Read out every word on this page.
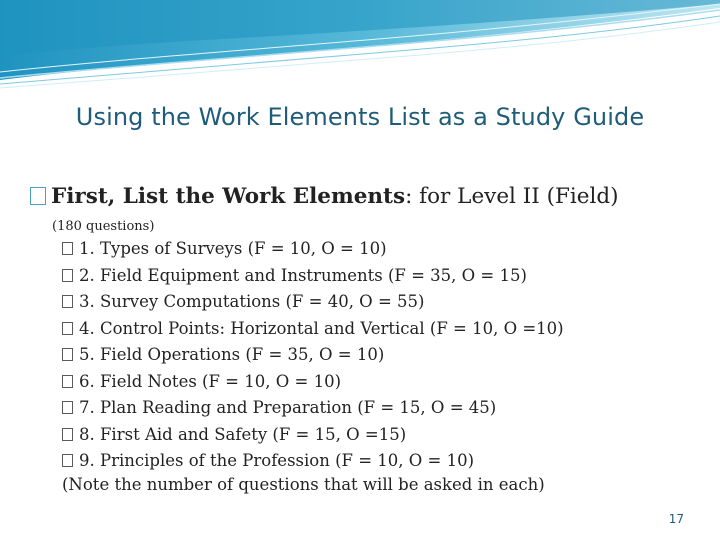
Using the Work Elements List as a Study Guide
First, List the Work Elements: for Level II (Field)
(180 questions)
1. Types of Surveys (F = 10, O = 10)
2. Field Equipment and Instruments (F = 35, O = 15)
3. Survey Computations (F = 40, O = 55)
4. Control Points: Horizontal and Vertical (F = 10, O =10)
5. Field Operations (F = 35, O = 10)
6. Field Notes (F = 10, O = 10)
7. Plan Reading and Preparation (F = 15, O = 45)
8. First Aid and Safety (F = 15, O =15)
9. Principles of the Profession (F = 10, O = 10)
(Note the number of questions that will be asked in each)
17
